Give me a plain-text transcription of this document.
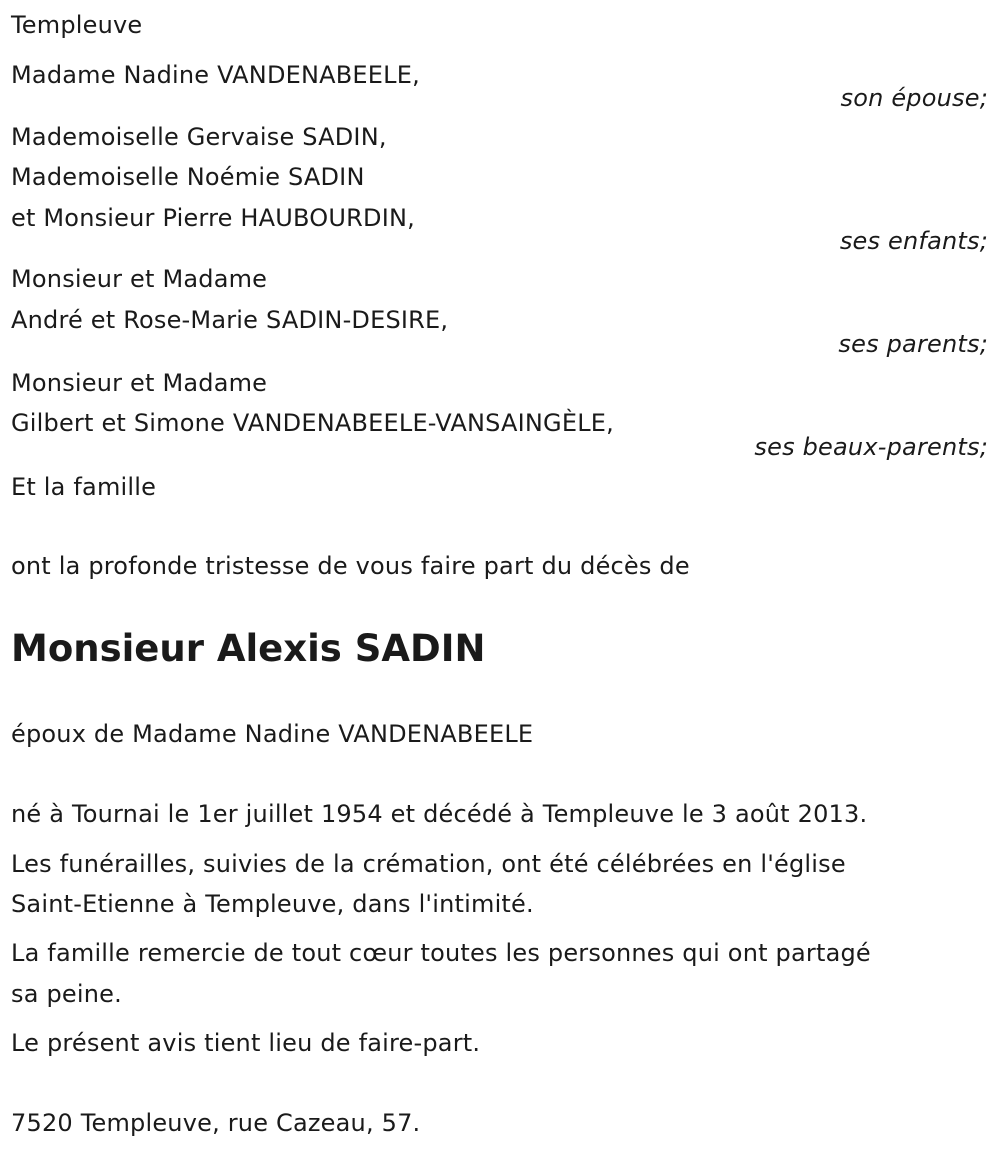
Templeuve
Madame Nadine VANDENABEELE,
son épouse;
Mademoiselle Gervaise SADIN,
Mademoiselle Noémie SADIN
et Monsieur Pierre HAUBOURDIN,
ses enfants;
Monsieur et Madame
André et Rose-Marie SADIN-DESIRE,
ses parents;
Monsieur et Madame
Gilbert et Simone VANDENABEELE-VANSAINGÈLE,
ses beaux-parents;
Et la famille
ont la profonde tristesse de vous faire part du décès de
Monsieur Alexis SADIN
époux de Madame Nadine VANDENABEELE
né à Tournai le 1er juillet 1954 et décédé à Templeuve le 3 août 2013.
Les funérailles, suivies de la crémation, ont été célébrées en l'église
Saint-Etienne à Templeuve, dans l'intimité.
La famille remercie de tout cœur toutes les personnes qui ont partagé
sa peine.
Le présent avis tient lieu de faire-part.
7520 Templeuve, rue Cazeau, 57.
